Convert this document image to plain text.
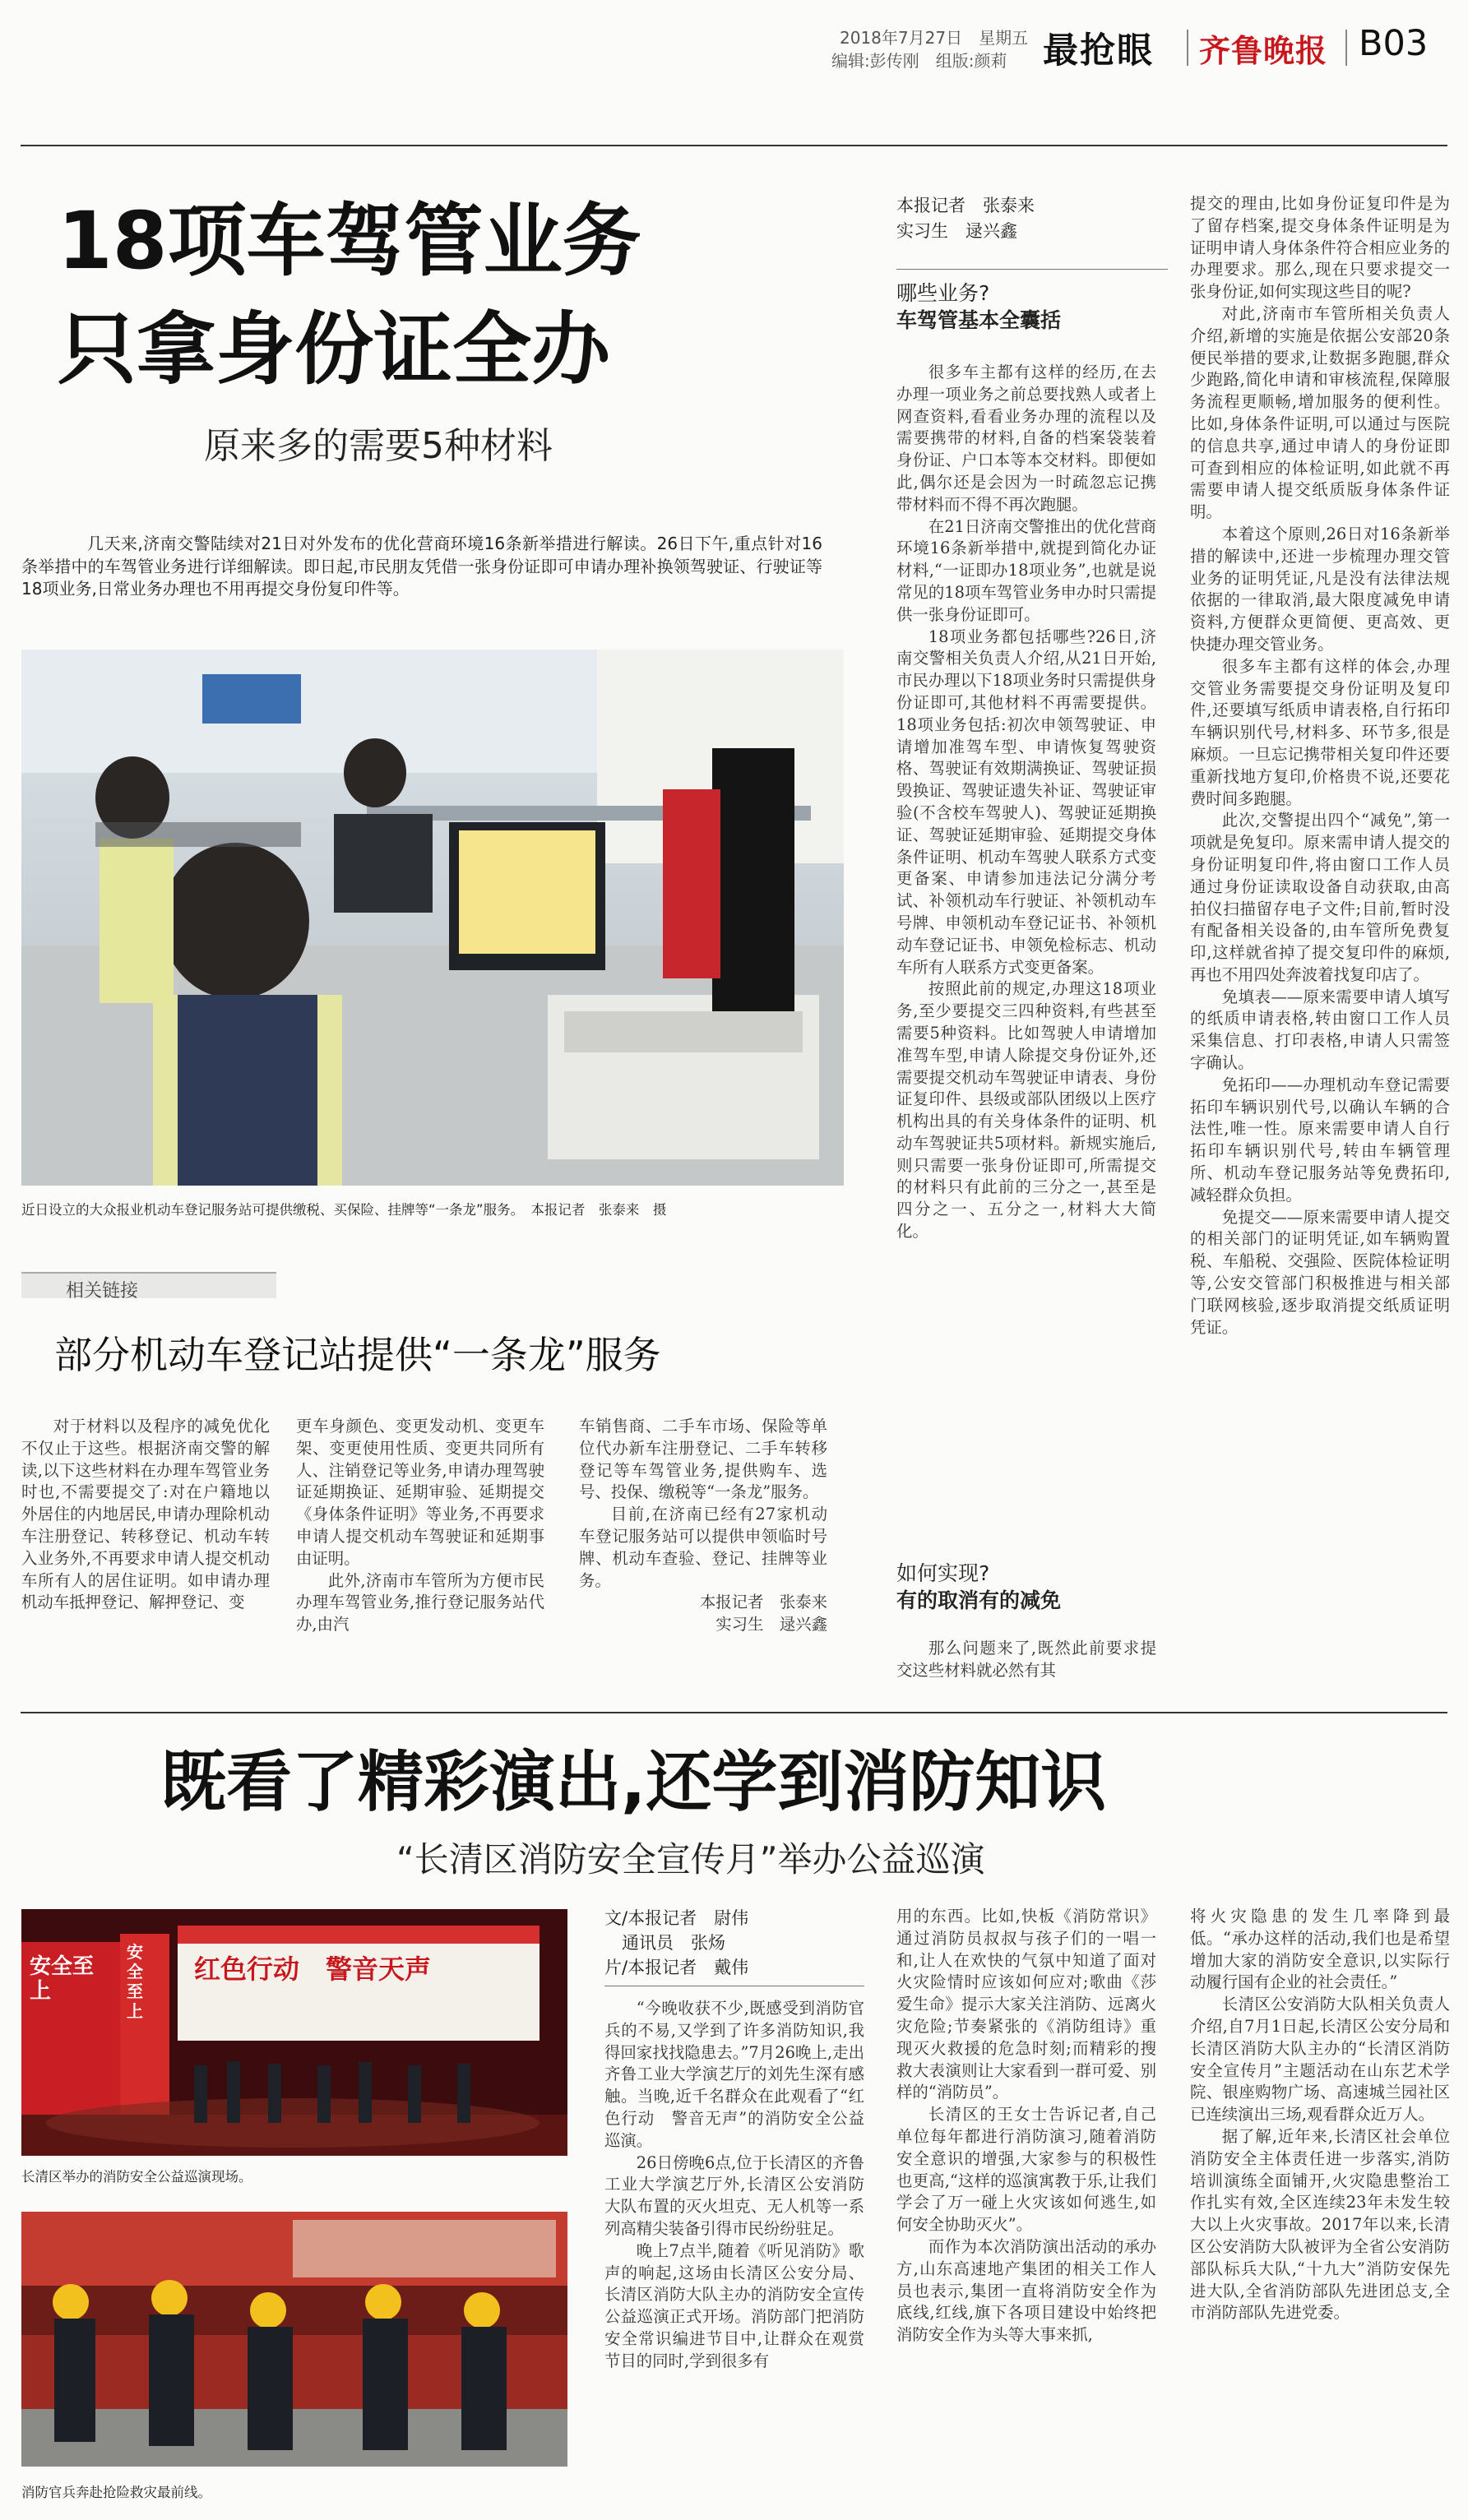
2018年7月27日　星期五
编辑:彭传刚　组版:颜莉 最抢眼 齐鲁晚报 B03
18项车驾管业务
只拿身份证全办
原来多的需要5种材料
几天来,济南交警陆续对21日对外发布的优化营商环境16条新举措进行解读。26日下午,重点针对16条举措中的车驾管业务进行详细解读。即日起,市民朋友凭借一张身份证即可申请办理补换领驾驶证、行驶证等18项业务,日常业务办理也不用再提交身份复印件等。
近日设立的大众报业机动车登记服务站可提供缴税、买保险、挂牌等“一条龙”服务。　本报记者　张泰来　摄
相关链接
部分机动车登记站提供“一条龙”服务

对于材料以及程序的减免优化不仅止于这些。根据济南交警的解读,以下这些材料在办理车驾管业务时也,不需要提交了:对在户籍地以外居住的内地居民,申请办理除机动车注册登记、转移登记、机动车转入业务外,不再要求申请人提交机动车所有人的居住证明。如申请办理机动车抵押登记、解押登记、变

更车身颜色、变更发动机、变更车架、变更使用性质、变更共同所有人、注销登记等业务,申请办理驾驶证延期换证、延期审验、延期提交《身体条件证明》等业务,不再要求申请人提交机动车驾驶证和延期事由证明。

此外,济南市车管所为方便市民办理车驾管业务,推行登记服务站代办,由汽

车销售商、二手车市场、保险等单位代办新车注册登记、二手车转移登记等车驾管业务,提供购车、选号、投保、缴税等“一条龙”服务。

目前,在济南已经有27家机动车登记服务站可以提供申领临时号牌、机动车查验、登记、挂牌等业务。

本报记者　张泰来

实习生　逯兴鑫

本报记者　张泰来
实习生　逯兴鑫
哪些业务?
车驾管基本全囊括

很多车主都有这样的经历,在去办理一项业务之前总要找熟人或者上网查资料,看看业务办理的流程以及需要携带的材料,自备的档案袋装着身份证、户口本等本交材料。即便如此,偶尔还是会因为一时疏忽忘记携带材料而不得不再次跑腿。

在21日济南交警推出的优化营商环境16条新举措中,就提到简化办证材料,“一证即办18项业务”,也就是说常见的18项车驾管业务申办时只需提供一张身份证即可。

18项业务都包括哪些?26日,济南交警相关负责人介绍,从21日开始,市民办理以下18项业务时只需提供身份证即可,其他材料不再需要提供。18项业务包括:初次申领驾驶证、申请增加准驾车型、申请恢复驾驶资格、驾驶证有效期满换证、驾驶证损毁换证、驾驶证遗失补证、驾驶证审验(不含校车驾驶人)、驾驶证延期换证、驾驶证延期审验、延期提交身体条件证明、机动车驾驶人联系方式变更备案、申请参加违法记分满分考试、补领机动车行驶证、补领机动车号牌、申领机动车登记证书、补领机动车登记证书、申领免检标志、机动车所有人联系方式变更备案。

按照此前的规定,办理这18项业务,至少要提交三四种资料,有些甚至需要5种资料。比如驾驶人申请增加准驾车型,申请人除提交身份证外,还需要提交机动车驾驶证申请表、身份证复印件、县级或部队团级以上医疗机构出具的有关身体条件的证明、机动车驾驶证共5项材料。新规实施后,则只需要一张身份证即可,所需提交的材料只有此前的三分之一,甚至是四分之一、五分之一,材料大大简化。

如何实现?
有的取消有的减免

那么问题来了,既然此前要求提交这些材料就必然有其

提交的理由,比如身份证复印件是为了留存档案,提交身体条件证明是为证明申请人身体条件符合相应业务的办理要求。那么,现在只要求提交一张身份证,如何实现这些目的呢?

对此,济南市车管所相关负责人介绍,新增的实施是依据公安部20条便民举措的要求,让数据多跑腿,群众少跑路,简化申请和审核流程,保障服务流程更顺畅,增加服务的便利性。比如,身体条件证明,可以通过与医院的信息共享,通过申请人的身份证即可查到相应的体检证明,如此就不再需要申请人提交纸质版身体条件证明。

本着这个原则,26日对16条新举措的解读中,还进一步梳理办理交管业务的证明凭证,凡是没有法律法规依据的一律取消,最大限度减免申请资料,方便群众更简便、更高效、更快捷办理交管业务。

很多车主都有这样的体会,办理交管业务需要提交身份证明及复印件,还要填写纸质申请表格,自行拓印车辆识别代号,材料多、环节多,很是麻烦。一旦忘记携带相关复印件还要重新找地方复印,价格贵不说,还要花费时间多跑腿。

此次,交警提出四个“减免”,第一项就是免复印。原来需申请人提交的身份证明复印件,将由窗口工作人员通过身份证读取设备自动获取,由高拍仪扫描留存电子文件;目前,暂时没有配备相关设备的,由车管所免费复印,这样就省掉了提交复印件的麻烦,再也不用四处奔波着找复印店了。

免填表——原来需要申请人填写的纸质申请表格,转由窗口工作人员采集信息、打印表格,申请人只需签字确认。

免拓印——办理机动车登记需要拓印车辆识别代号,以确认车辆的合法性,唯一性。原来需要申请人自行拓印车辆识别代号,转由车辆管理所、机动车登记服务站等免费拓印,减轻群众负担。

免提交——原来需要申请人提交的相关部门的证明凭证,如车辆购置税、车船税、交强险、医院体检证明等,公安交管部门积极推进与相关部门联网核验,逐步取消提交纸质证明凭证。

既看了精彩演出,还学到消防知识
“长清区消防安全宣传月”举办公益巡演
安全至上
安全至上
红色行动　警音天声
长清区举办的消防安全公益巡演现场。
消防官兵奔赴抢险救灾最前线。
文/本报记者　尉伟
　通讯员　张炀
片/本报记者　戴伟

“今晚收获不少,既感受到消防官兵的不易,又学到了许多消防知识,我得回家找找隐患去。”7月26晚上,走出齐鲁工业大学演艺厅的刘先生深有感触。当晚,近千名群众在此观看了“红色行动　警音无声”的消防安全公益巡演。

26日傍晚6点,位于长清区的齐鲁工业大学演艺厅外,长清区公安消防大队布置的灭火坦克、无人机等一系列高精尖装备引得市民纷纷驻足。

晚上7点半,随着《听见消防》歌声的响起,这场由长清区公安分局、长清区消防大队主办的消防安全宣传公益巡演正式开场。消防部门把消防安全常识编进节目中,让群众在观赏节目的同时,学到很多有

用的东西。比如,快板《消防常识》通过消防员叔叔与孩子们的一唱一和,让人在欢快的气氛中知道了面对火灾险情时应该如何应对;歌曲《莎爱生命》提示大家关注消防、远离火灾危险;节奏紧张的《消防组诗》重现灭火救援的危急时刻;而精彩的搜救大表演则让大家看到一群可爱、别样的“消防员”。

长清区的王女士告诉记者,自己单位每年都进行消防演习,随着消防安全意识的增强,大家参与的积极性也更高,“这样的巡演寓教于乐,让我们学会了万一碰上火灾该如何逃生,如何安全协助灭火”。

而作为本次消防演出活动的承办方,山东高速地产集团的相关工作人员也表示,集团一直将消防安全作为底线,红线,旗下各项目建设中始终把消防安全作为头等大事来抓,

将火灾隐患的发生几率降到最低。“承办这样的活动,我们也是希望增加大家的消防安全意识,以实际行动履行国有企业的社会责任。”

长清区公安消防大队相关负责人介绍,自7月1日起,长清区公安分局和长清区消防大队主办的“长清区消防安全宣传月”主题活动在山东艺术学院、银座购物广场、高速城兰园社区已连续演出三场,观看群众近万人。

据了解,近年来,长清区社会单位消防安全主体责任进一步落实,消防培训演练全面铺开,火灾隐患整治工作扎实有效,全区连续23年未发生较大以上火灾事故。2017年以来,长清区公安消防大队被评为全省公安消防部队标兵大队,“十九大”消防安保先进大队,全省消防部队先进团总支,全市消防部队先进党委。
